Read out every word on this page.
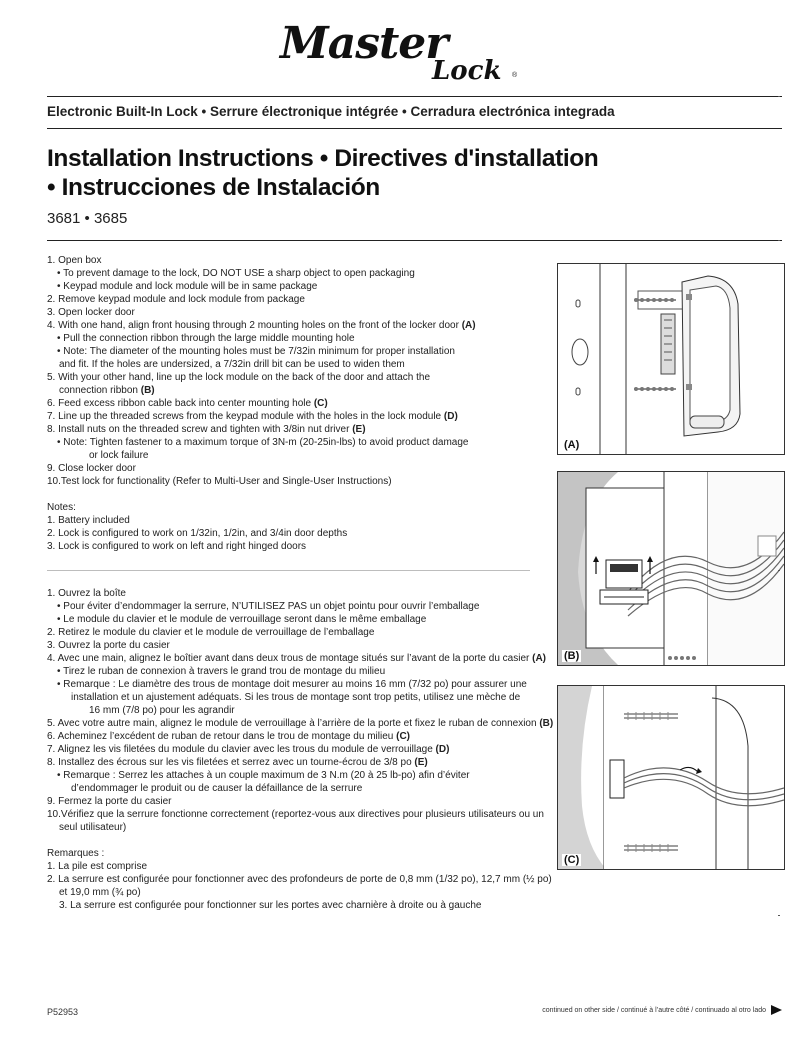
Master
Lock ®
Electronic Built-In Lock • Serrure électronique intégrée • Cerradura electrónica integrada
Installation Instructions • Directives d'installation
• Instrucciones de Instalación
3681 • 3685
1. Open box
• To prevent damage to the lock, DO NOT USE a sharp object to open packaging
• Keypad module and lock module will be in same package
2. Remove keypad module and lock module from package
3. Open locker door
4. With one hand, align front housing through 2 mounting holes on the front of the locker door (A)
• Pull the connection ribbon through the large middle mounting hole
• Note: The diameter of the mounting holes must be 7/32in minimum for proper installation
and fit. If the holes are undersized, a 7/32in drill bit can be used to widen them
5. With your other hand, line up the lock module on the back of the door and attach the
connection ribbon (B)
6. Feed excess ribbon cable back into center mounting hole (C)
7. Line up the threaded screws from the keypad module with the holes in the lock module (D)
8. Install nuts on the threaded screw and tighten with 3/8in nut driver (E)
• Note: Tighten fastener to a maximum torque of 3N-m (20-25in-lbs) to avoid product damage
or lock failure
9. Close locker door
10.Test lock for functionality (Refer to Multi-User and Single-User Instructions)
Notes:
1. Battery included
2. Lock is configured to work on 1/32in, 1/2in, and 3/4in door depths
3. Lock is configured to work on left and right hinged doors
1. Ouvrez la boîte
• Pour éviter d’endommager la serrure, N’UTILISEZ PAS un objet pointu pour ouvrir l’emballage
• Le module du clavier et le module de verrouillage seront dans le même emballage
2. Retirez le module du clavier et le module de verrouillage de l’emballage
3. Ouvrez la porte du casier
4. Avec une main, alignez le boîtier avant dans deux trous de montage situés sur l’avant de la porte du casier (A)
• Tirez le ruban de connexion à travers le grand trou de montage du milieu
• Remarque : Le diamètre des trous de montage doit mesurer au moins 16 mm (7/32 po) pour assurer une
installation et un ajustement adéquats. Si les trous de montage sont trop petits, utilisez une mèche de
16 mm (7/8 po) pour les agrandir
5. Avec votre autre main, alignez le module de verrouillage à l’arrière de la porte et fixez le ruban de connexion (B)
6. Acheminez l’excédent de ruban de retour dans le trou de montage du milieu (C)
7. Alignez les vis filetées du module du clavier avec les trous du module de verrouillage (D)
8. Installez des écrous sur les vis filetées et serrez avec un tourne-écrou de 3/8 po (E)
• Remarque : Serrez les attaches à un couple maximum de 3 N.m (20 à 25 lb-po) afin d’éviter
d’endommager le produit ou de causer la défaillance de la serrure
9. Fermez la porte du casier
10.Vérifiez que la serrure fonctionne correctement (reportez-vous aux directives pour plusieurs utilisateurs ou un
seul utilisateur)
Remarques :
1. La pile est comprise
2. La serrure est configurée pour fonctionner avec des profondeurs de porte de 0,8 mm (1/32 po), 12,7 mm (½ po)
et 19,0 mm (¾ po)
3. La serrure est configurée pour fonctionner sur les portes avec charnière à droite ou à gauche
(A)
(B)
(C)
P52953	continued on other side / continué à l’autre côté / continuado al otro lado
